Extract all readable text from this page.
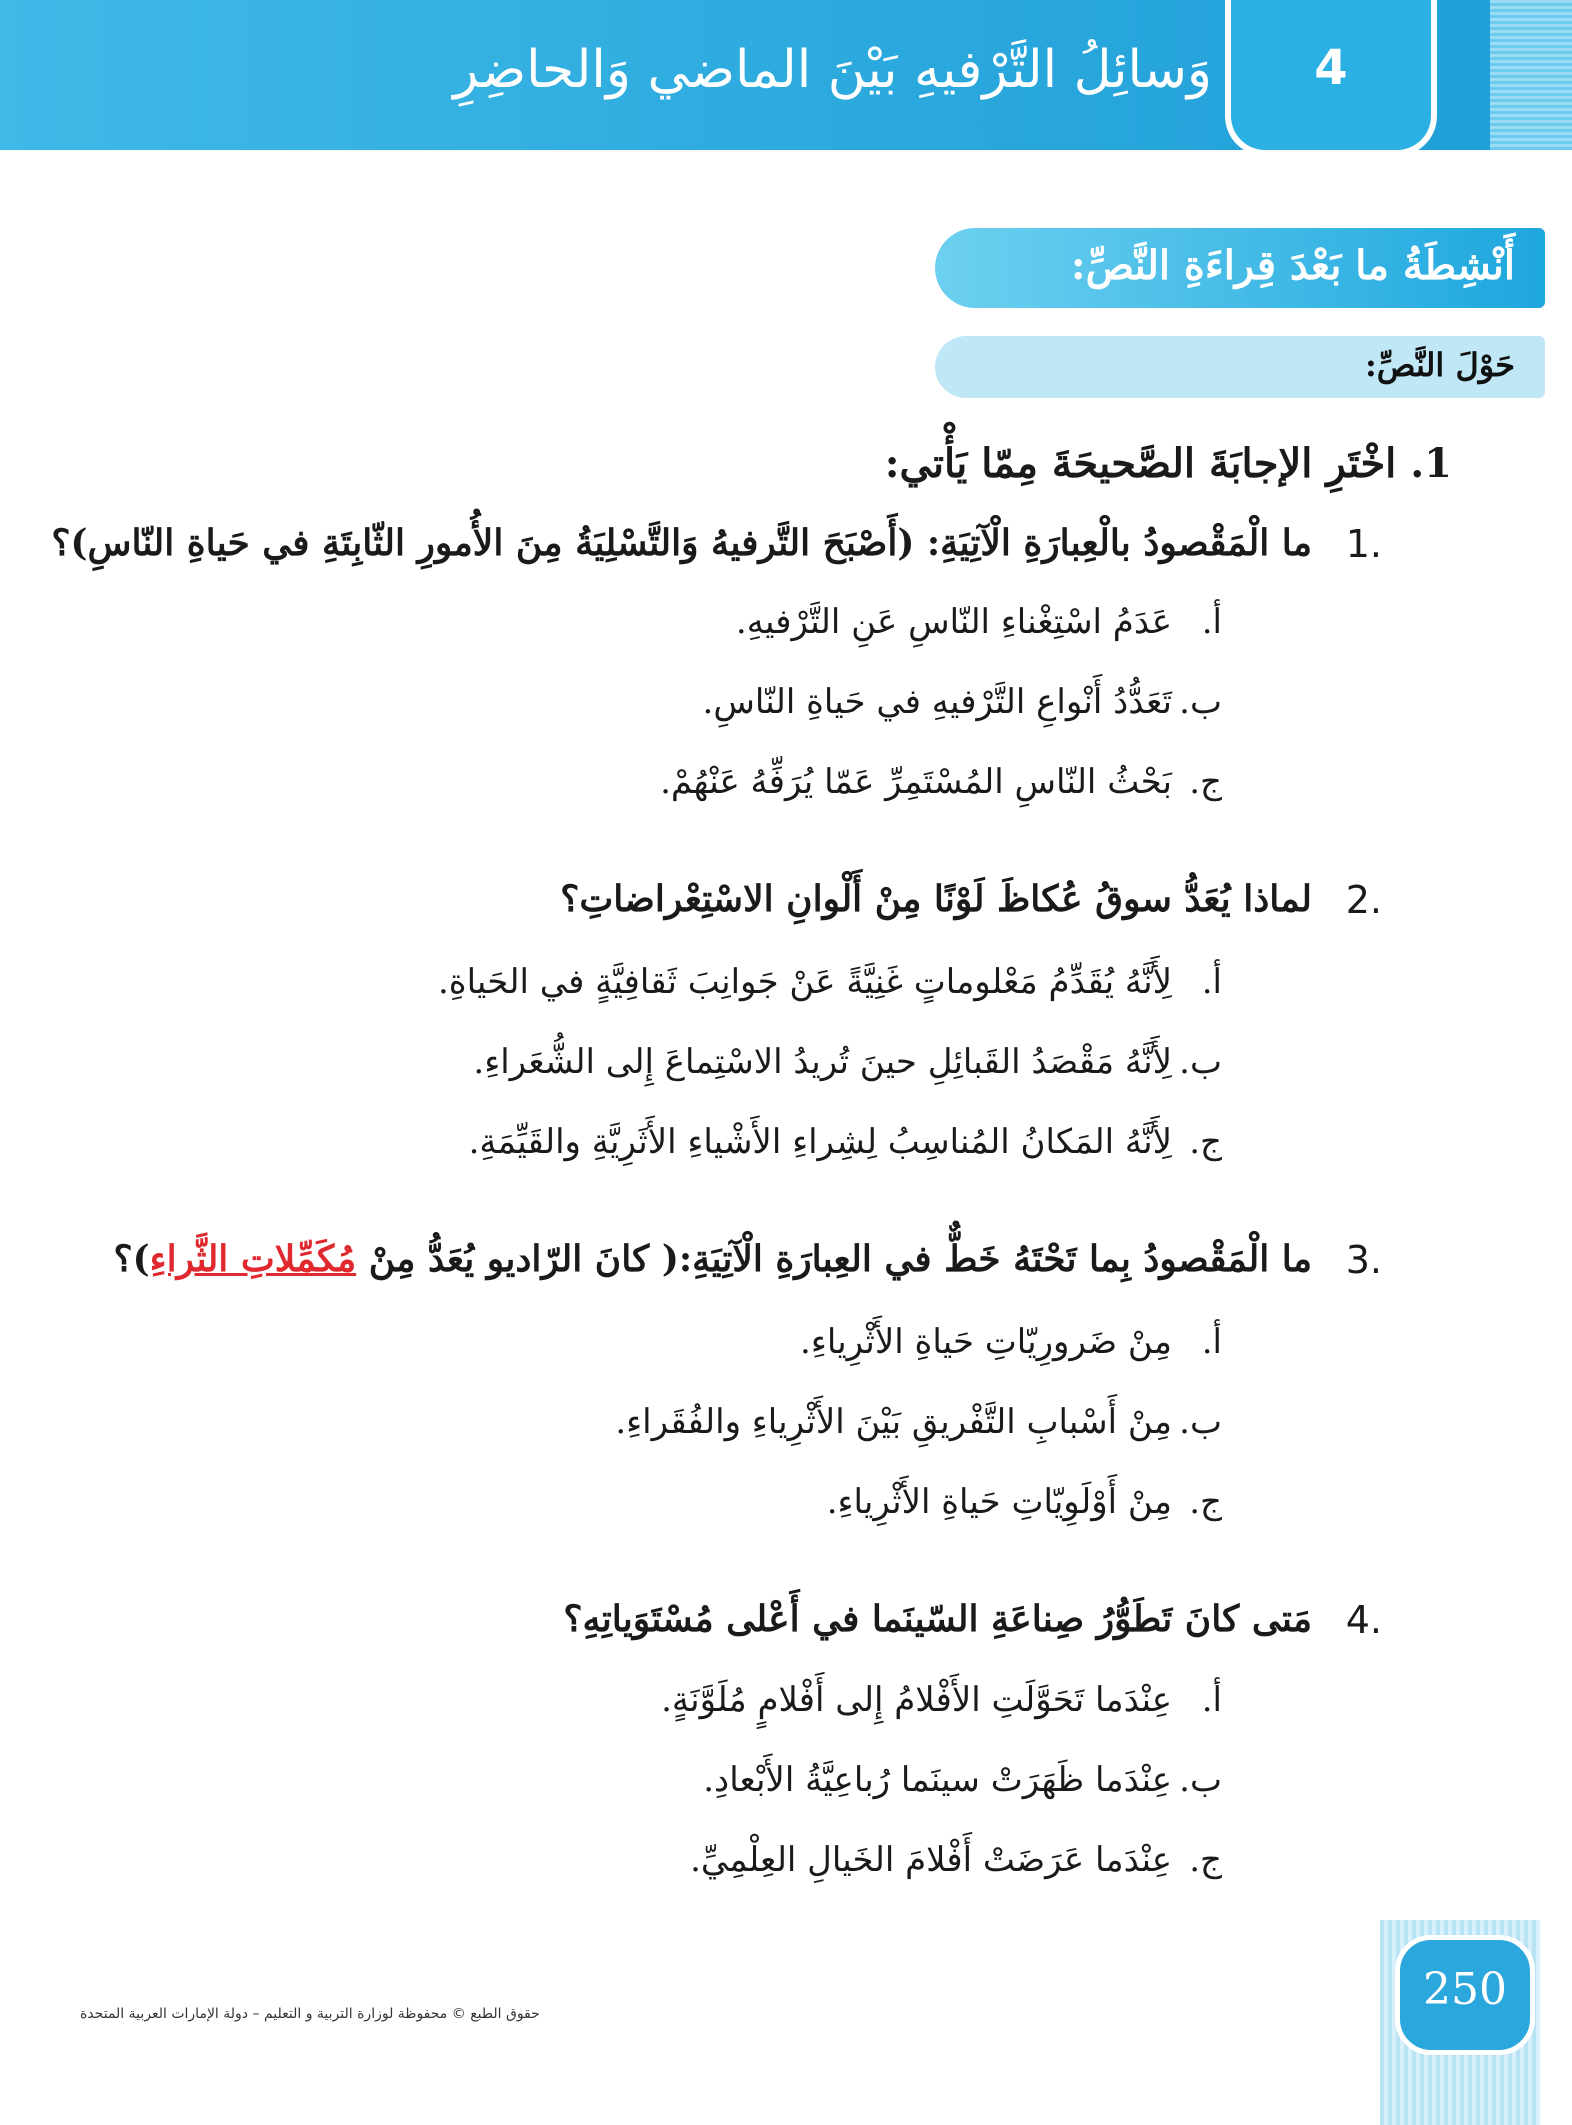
وَسائِلُ التَّرْفيهِ بَيْنَ الماضي وَالحاضِرِ	4
أَنْشِطَةُ ما بَعْدَ قِراءَةِ النَّصِّ:
حَوْلَ النَّصِّ:
1. اخْتَرِ الإجابَةَ الصَّحيحَةَ مِمّا يَأْتي:
1.
ما الْمَقْصودُ بالْعِبارَةِ الْآتِيَةِ: (أَصْبَحَ التَّرفيهُ وَالتَّسْلِيَةُ مِنَ الأُمورِ الثّابِتَةِ في حَياةِ النّاسِ)؟
أ.عَدَمُ اسْتِغْناءِ النّاسِ عَنِ التَّرْفيهِ.
ب.تَعَدُّدُ أَنْواعِ التَّرْفيهِ في حَياةِ النّاسِ.
ج.بَحْثُ النّاسِ المُسْتَمِرِّ عَمّا يُرَفِّهُ عَنْهُمْ.
2.
لماذا يُعَدُّ سوقُ عُكاظَ لَوْنًا مِنْ أَلْوانِ الاسْتِعْراضاتِ؟
أ.لِأَنَّهُ يُقَدِّمُ مَعْلوماتٍ غَنِيَّةً عَنْ جَوانِبَ ثَقافِيَّةٍ في الحَياةِ.
ب.لِأَنَّهُ مَقْصَدُ القَبائِلِ حينَ تُريدُ الاسْتِماعَ إِلى الشُّعَراءِ.
ج.لِأَنَّهُ المَكانُ المُناسِبُ لِشِراءِ الأَشْياءِ الأَثَرِيَّةِ والقَيِّمَةِ.
3.
ما الْمَقْصودُ بِما تَحْتَهُ خَطٌّ في العِبارَةِ الْآتِيَةِ:( كانَ الرّاديو يُعَدُّ مِنْ مُكَمِّلاتِ الثَّراءِ)؟
أ.مِنْ ضَرورِيّاتِ حَياةِ الأَثْرِياءِ.
ب.مِنْ أَسْبابِ التَّفْريقِ بَيْنَ الأَثْرِياءِ والفُقَراءِ.
ج.مِنْ أَوْلَوِيّاتِ حَياةِ الأَثْرِياءِ.
4.
مَتى كانَ تَطَوُّرُ صِناعَةِ السّينَما في أَعْلى مُسْتَوَياتِهِ؟
أ.عِنْدَما تَحَوَّلَتِ الأَفْلامُ إِلى أَفْلامٍ مُلَوَّنَةٍ.
ب.عِنْدَما ظَهَرَتْ سينَما رُباعِيَّةُ الأَبْعادِ.
ج.عِنْدَما عَرَضَتْ أَفْلامَ الخَيالِ العِلْمِيِّ.
حقوق الطبع © محفوظة لوزارة التربية و التعليم – دولة الإمارات العربية المتحدة	250
